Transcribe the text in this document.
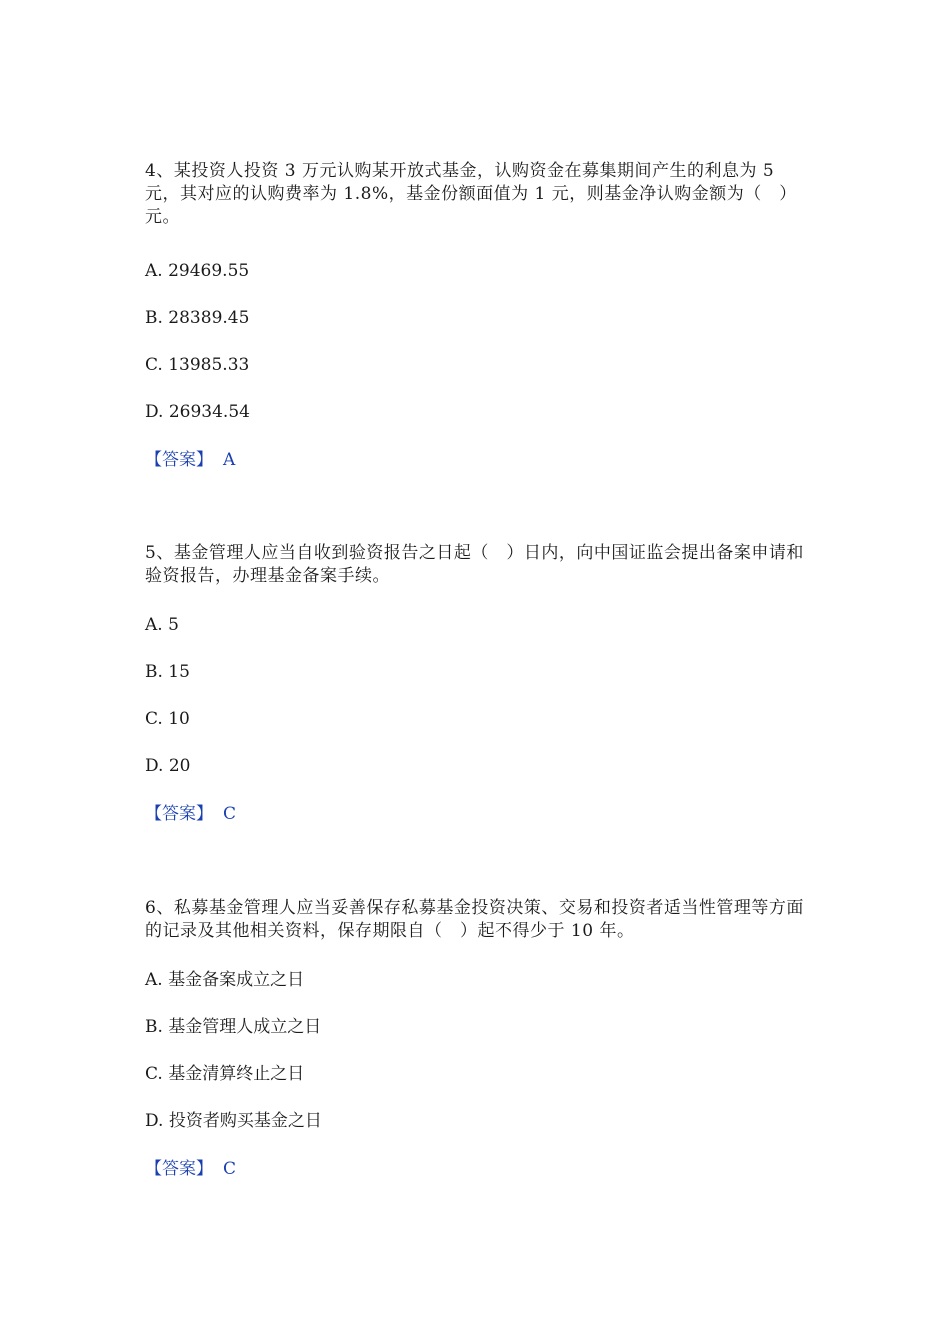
4、某投资人投资 3 万元认购某开放式基金，认购资金在募集期间产生的利息为 5 元，其对应的认购费率为 1.8%，基金份额面值为 1 元，则基金净认购金额为（　）元。

A. 29469.55

B. 28389.45

C. 13985.33

D. 26934.54

【答案】 A

5、基金管理人应当自收到验资报告之日起（　）日内，向中国证监会提出备案申请和验资报告，办理基金备案手续。

A. 5

B. 15

C. 10

D. 20

【答案】 C

6、私募基金管理人应当妥善保存私募基金投资决策、交易和投资者适当性管理等方面的记录及其他相关资料，保存期限自（　）起不得少于 10 年。

A. 基金备案成立之日

B. 基金管理人成立之日

C. 基金清算终止之日

D. 投资者购买基金之日

【答案】 C
